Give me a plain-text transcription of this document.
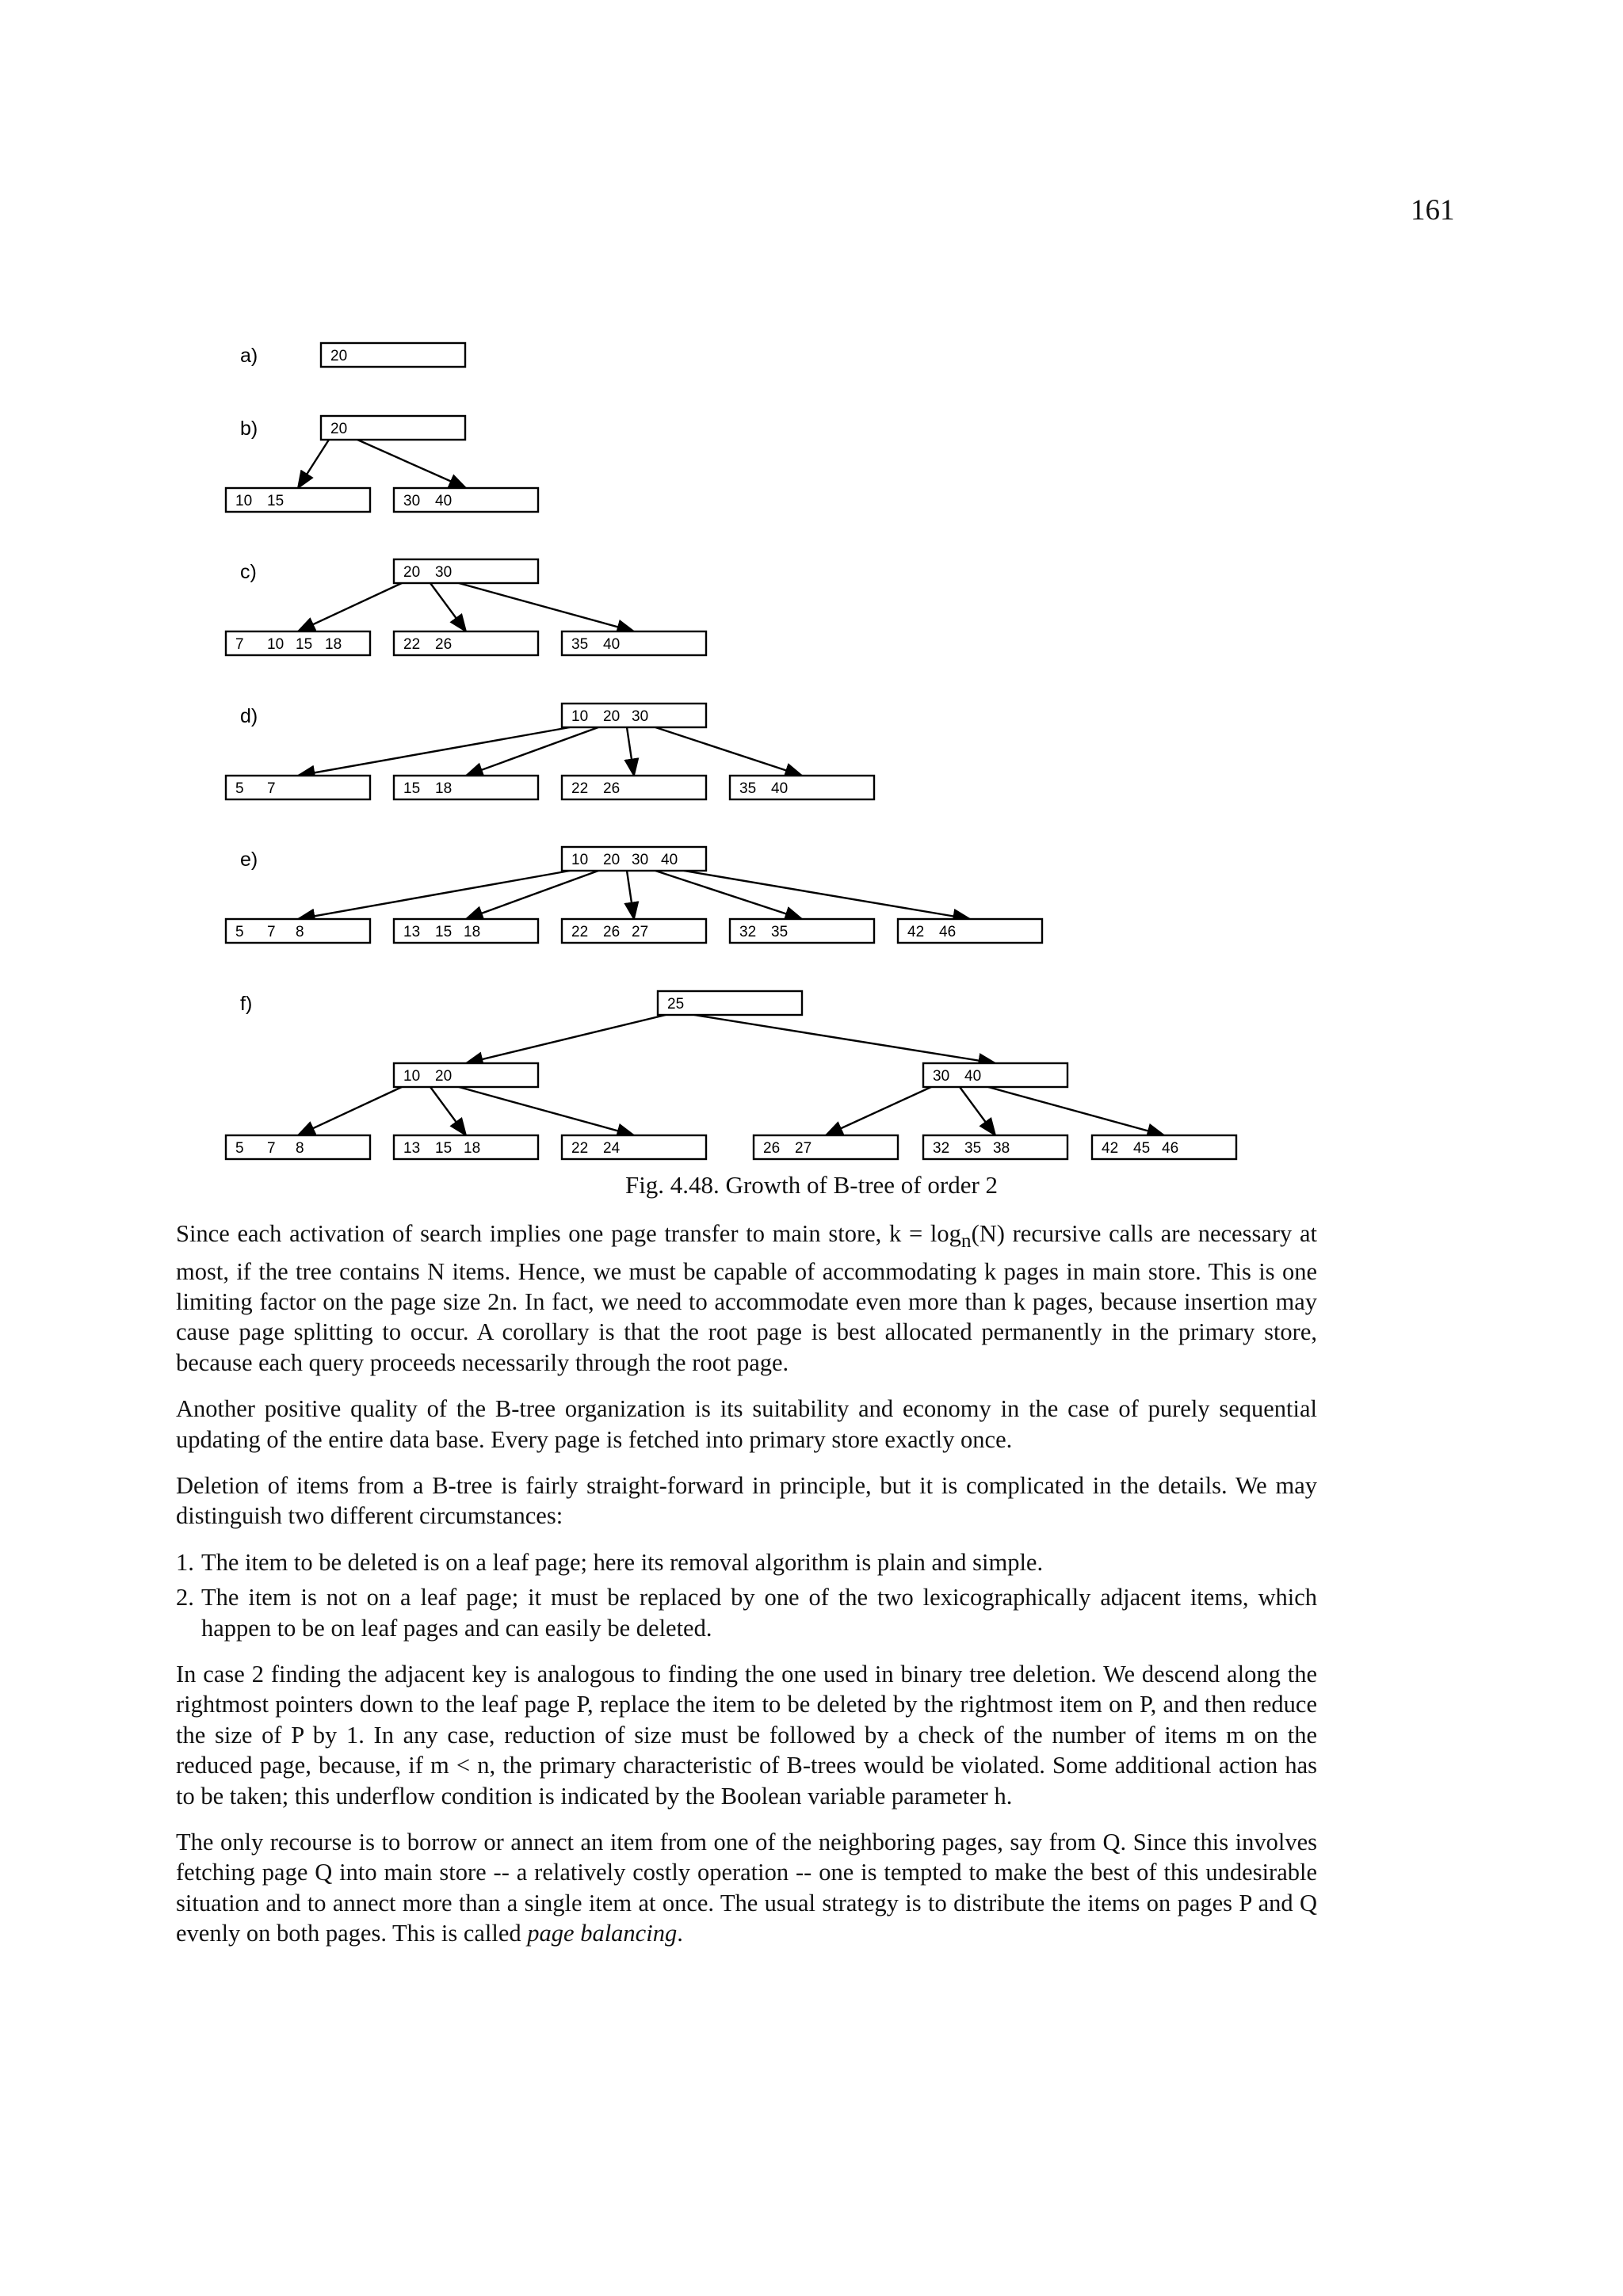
161
a)	20
b)	20
10 15	30 40
c)	20 30
7 10 15 18	22 26	35 40
d)	10 20 30
5 7	15 18	22 26	35 40
e)	10 20 30 40
5 7 8	13 15 18	22 26 27	32 35	42 46
f)	25
10 20	30 40
5 7 8	13 15 18	22 24	26 27	32 35 38	42 45 46
Fig. 4.48. Growth of B-tree of order 2

Since each activation of search implies one page transfer to main store, $k = \log_n(N)$ recursive calls are necessary at most, if the tree contains N items. Hence, we must be capable of accommodating k pages in main store. This is one limiting factor on the page size 2n. In fact, we need to accommodate even more than k pages, because insertion may cause page splitting to occur. A corollary is that the root page is best allocated permanently in the primary store, because each query proceeds necessarily through the root page.

Another positive quality of the B-tree organization is its suitability and economy in the case of purely sequential updating of the entire data base. Every page is fetched into primary store exactly once.

Deletion of items from a B-tree is fairly straight-forward in principle, but it is complicated in the details. We may distinguish two different circumstances:

1. The item to be deleted is on a leaf page; here its removal algorithm is plain and simple.
2. The item is not on a leaf page; it must be replaced by one of the two lexicographically adjacent items, which happen to be on leaf pages and can easily be deleted.

In case 2 finding the adjacent key is analogous to finding the one used in binary tree deletion. We descend along the rightmost pointers down to the leaf page P, replace the item to be deleted by the rightmost item on P, and then reduce the size of P by 1. In any case, reduction of size must be followed by a check of the number of items m on the reduced page, because, if m < n, the primary characteristic of B-trees would be violated. Some additional action has to be taken; this underflow condition is indicated by the Boolean variable parameter h.

The only recourse is to borrow or annect an item from one of the neighboring pages, say from Q. Since this involves fetching page Q into main store -- a relatively costly operation -- one is tempted to make the best of this undesirable situation and to annect more than a single item at once. The usual strategy is to distribute the items on pages P and Q evenly on both pages. This is called page balancing.
